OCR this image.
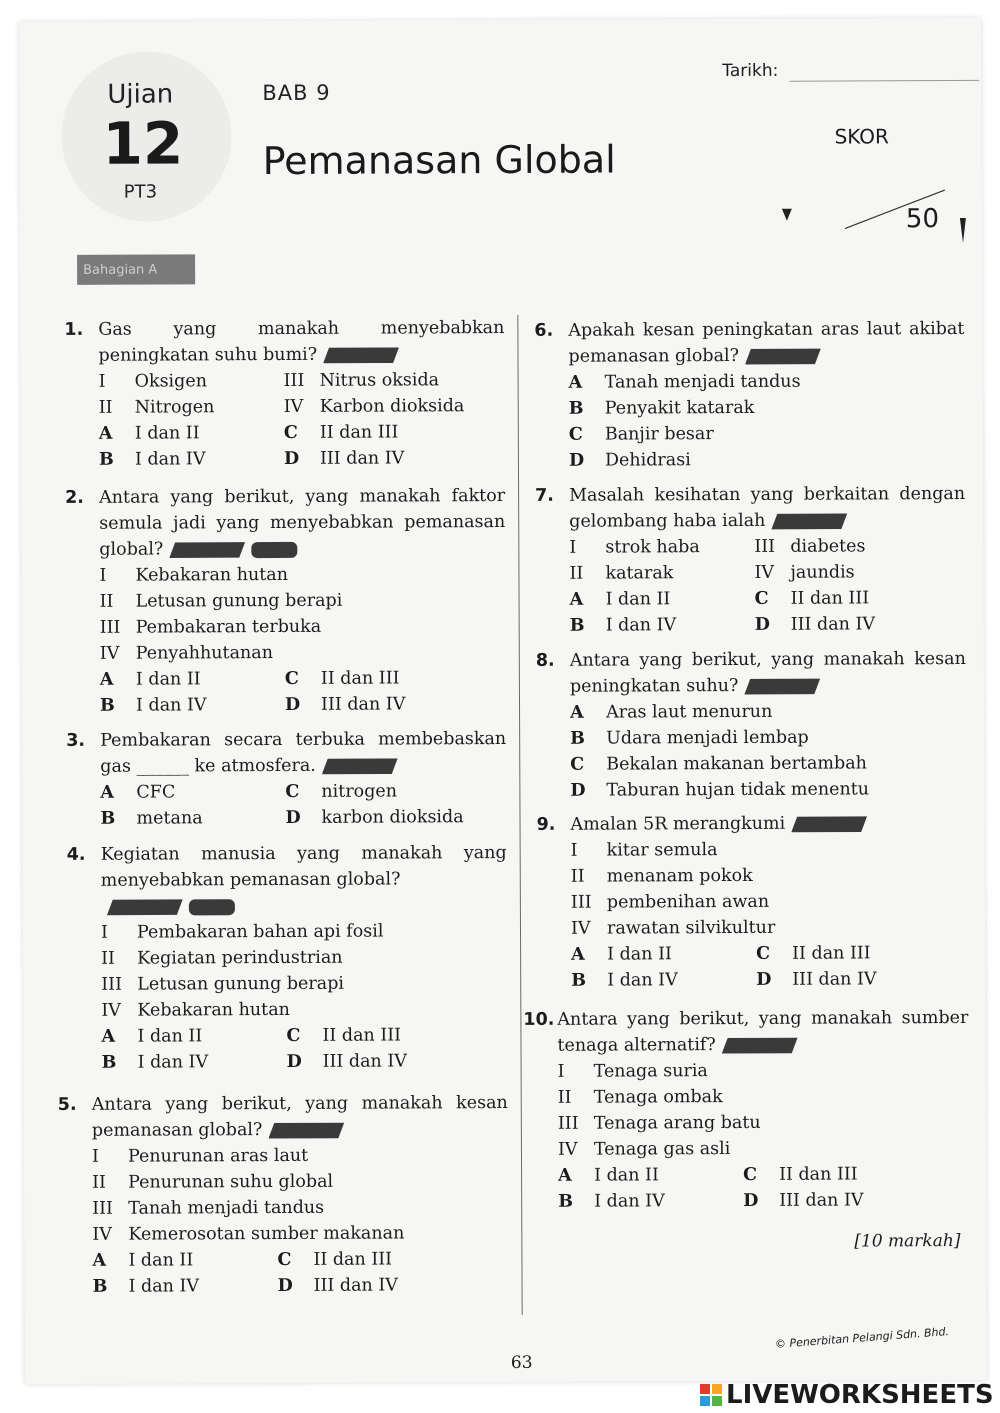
Ujian
12
PT3
BAB 9
Pemanasan Global
Tarikh:
SKOR
50
Bahagian A
1. Gas yang manakah menyebabkan peningkatan suhu bumi?
I	Oksigen	III Nitrus oksida
II	Nitrogen	IV Karbon dioksida
A	I dan II	C	II dan III
B	I dan IV	D	III dan IV
2. Antara yang berikut, yang manakah faktor semula jadi yang menyebabkan pemanasan global?
I	Kebakaran hutan
II	Letusan gunung berapi
III Pembakaran terbuka
IV Penyahhutanan
A	I dan II	C	II dan III
B	I dan IV	D	III dan IV
3. Pembakaran secara terbuka membebaskan gas ______ ke atmosfera.
A	CFC	C	nitrogen
B	metana	D	karbon dioksida
4. Kegiatan manusia yang manakah yang menyebabkan pemanasan global?

I	Pembakaran bahan api fosil
II	Kegiatan perindustrian
III Letusan gunung berapi
IV Kebakaran hutan
A	I dan II	C	II dan III
B	I dan IV	D	III dan IV
5. Antara yang berikut, yang manakah kesan pemanasan global?
I	Penurunan aras laut
II	Penurunan suhu global
III Tanah menjadi tandus
IV Kemerosotan sumber makanan
A	I dan II	C	II dan III
B	I dan IV	D	III dan IV
6. Apakah kesan peningkatan aras laut akibat pemanasan global?
A	Tanah menjadi tandus
B	Penyakit katarak
C	Banjir besar
D	Dehidrasi
7. Masalah kesihatan yang berkaitan dengan gelombang haba ialah
I	strok haba	III diabetes
II	katarak	IV jaundis
A	I dan II	C	II dan III
B	I dan IV	D	III dan IV
8. Antara yang berikut, yang manakah kesan peningkatan suhu?
A	Aras laut menurun
B	Udara menjadi lembap
C	Bekalan makanan bertambah
D	Taburan hujan tidak menentu
9. Amalan 5R merangkumi
I	kitar semula
II	menanam pokok
III pembenihan awan
IV rawatan silvikultur
A	I dan II	C	II dan III
B	I dan IV	D	III dan IV
10. Antara yang berikut, yang manakah sumber tenaga alternatif?
I	Tenaga suria
II	Tenaga ombak
III Tenaga arang batu
IV Tenaga gas asli
A	I dan II	C	II dan III
B	I dan IV	D	III dan IV
[10 markah]
63
© Penerbitan Pelangi Sdn. Bhd.
LIVEWORKSHEETS
